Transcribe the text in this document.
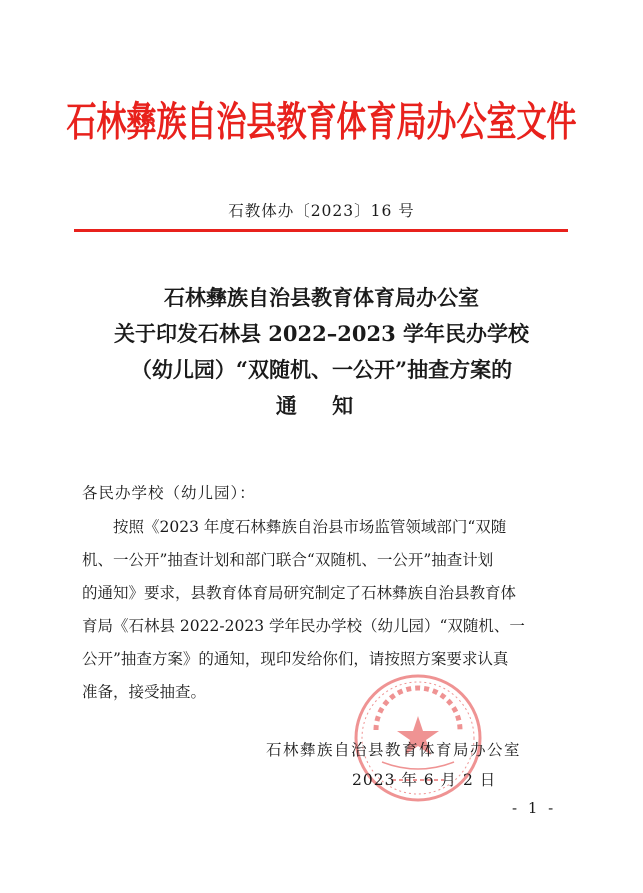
石林彝族自治县教育体育局办公室文件
石教体办〔2023〕16 号
石林彝族自治县教育体育局办公室
关于印发石林县 2022–2023 学年民办学校
（幼儿园）“双随机、一公开”抽查方案的
通 知
各民办学校（幼儿园）：
按照《2023 年度石林彝族自治县市场监管领域部门“双随
机、一公开”抽查计划和部门联合“双随机、一公开”抽查计划
的通知》要求，县教育体育局研究制定了石林彝族自治县教育体
育局《石林县 2022-2023 学年民办学校（幼儿园）“双随机、一
公开”抽查方案》的通知，现印发给你们，请按照方案要求认真
准备，接受抽查。
石林彝族自治县教育体育局办公室
2023 年 6 月 2 日
- 1 -
